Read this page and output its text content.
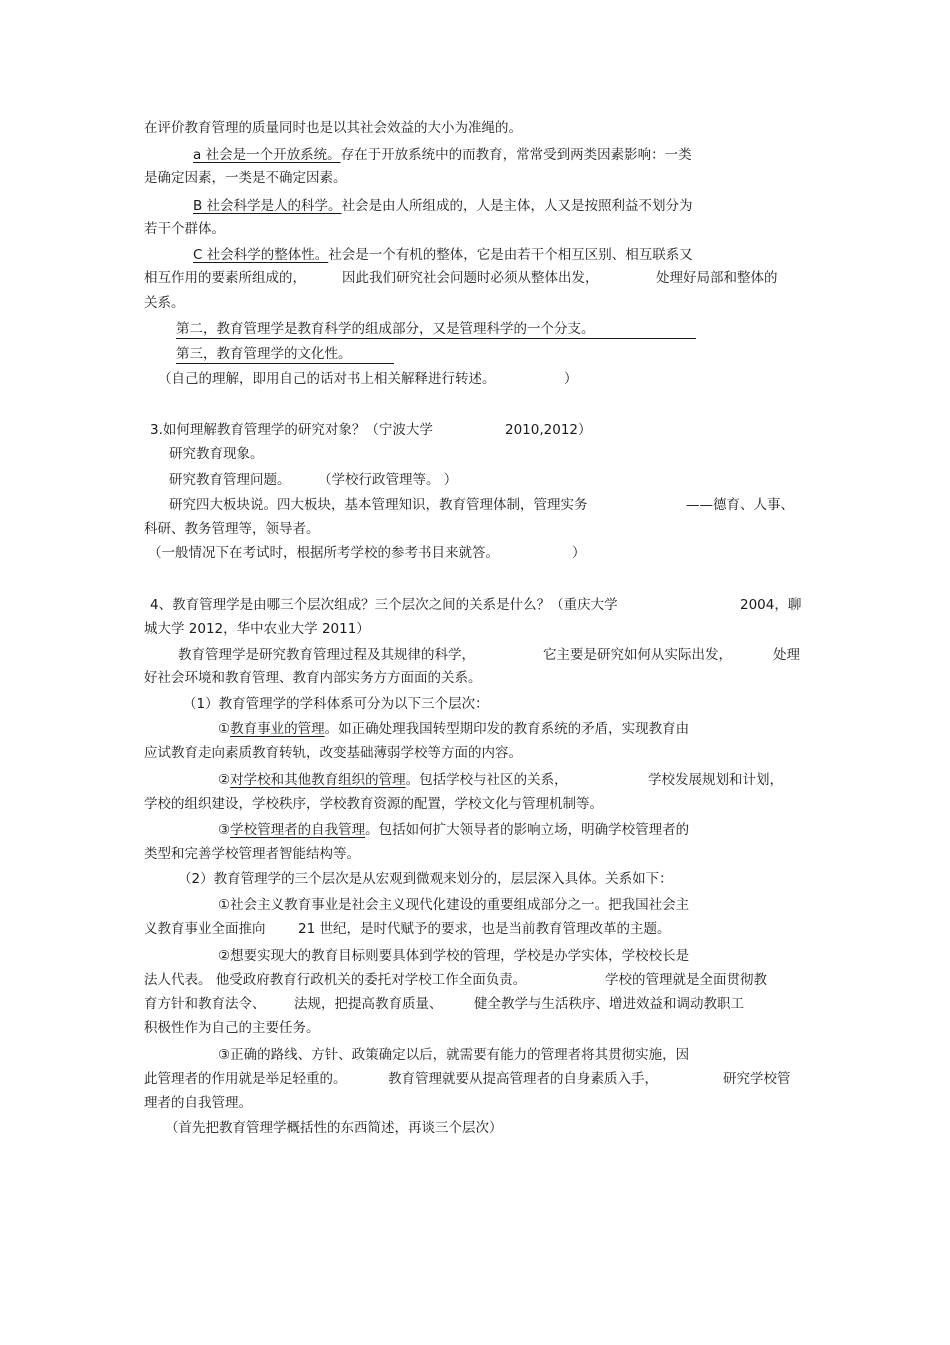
在评价教育管理的质量同时也是以其社会效益的大小为准绳的。
a 社会是一个开放系统。存在于开放系统中的而教育，常常受到两类因素影响：一类
是确定因素，一类是不确定因素。
B 社会科学是人的科学。社会是由人所组成的，人是主体，人又是按照利益不划分为
若干个群体。
C 社会科学的整体性。社会是一个有机的整体，它是由若干个相互区别、相互联系又
相互作用的要素所组成的，	因此我们研究社会问题时必须从整体出发，	处理好局部和整体的
关系。
第二，教育管理学是教育科学的组成部分，又是管理科学的一个分支。
第三，教育管理学的文化性。
（自己的理解，即用自己的话对书上相关解释进行转述。	）
3.如何理解教育管理学的研究对象？（宁波大学	2010,2012）
研究教育现象。
研究教育管理问题。 （学校行政管理等。 ）
研究四大板块说。四大板块，基本管理知识，教育管理体制，管理实务	——德育、人事、
科研、教务管理等，领导者。
（一般情况下在考试时，根据所考学校的参考书目来就答。	）
4、教育管理学是由哪三个层次组成？三个层次之间的关系是什么？（重庆大学	2004，聊
城大学 2012，华中农业大学 2011）
教育管理学是研究教育管理过程及其规律的科学，	它主要是研究如何从实际出发，	处理
好社会环境和教育管理、教育内部实务方方面面的关系。
（1）教育管理学的学科体系可分为以下三个层次：
①教育事业的管理。如正确处理我国转型期印发的教育系统的矛盾，实现教育由
应试教育走向素质教育转轨，改变基础薄弱学校等方面的内容。
②对学校和其他教育组织的管理。包括学校与社区的关系，	学校发展规划和计划，
学校的组织建设，学校秩序，学校教育资源的配置，学校文化与管理机制等。
③学校管理者的自我管理。包括如何扩大领导者的影响立场，明确学校管理者的
类型和完善学校管理者智能结构等。
（2）教育管理学的三个层次是从宏观到微观来划分的，层层深入具体。关系如下：
①社会主义教育事业是社会主义现代化建设的重要组成部分之一。把我国社会主
义教育事业全面推向 21 世纪，是时代赋予的要求，也是当前教育管理改革的主题。
②想要实现大的教育目标则要具体到学校的管理，学校是办学实体，学校校长是
法人代表。 他受政府教育行政机关的委托对学校工作全面负责。	学校的管理就是全面贯彻教
育方针和教育法令、 法规，把提高教育质量、 健全教学与生活秩序、增进效益和调动教职工
积极性作为自己的主要任务。
③正确的路线、方针、政策确定以后，就需要有能力的管理者将其贯彻实施，因
此管理者的作用就是举足轻重的。	教育管理就要从提高管理者的自身素质入手，	研究学校管
理者的自我管理。
（首先把教育管理学概括性的东西简述，再谈三个层次）
